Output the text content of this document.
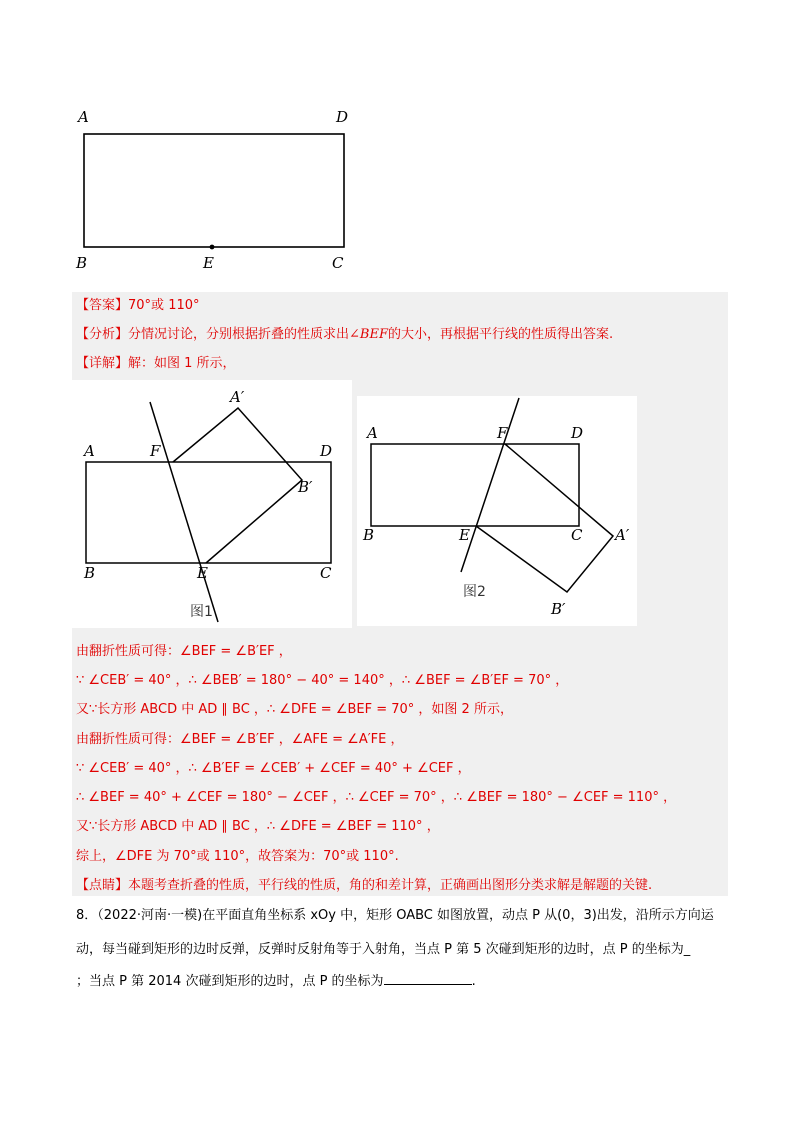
A	D
B	E	C
【答案】70°或 110°
【分析】分情况讨论，分别根据折叠的性质求出∠BEF的大小，再根据平行线的性质得出答案.
【详解】解：如图 1 所示，
A	F	D
A′
B′
B	E	C
图1
A	F	D
A′
B′
B	E	C
图2
由翻折性质可得：∠BEF = ∠B′EF ，
∵ ∠CEB′ = 40° ，∴ ∠BEB′ = 180° − 40° = 140° ，∴ ∠BEF = ∠B′EF = 70° ，
又∵长方形 ABCD 中 AD ∥ BC ，∴ ∠DFE = ∠BEF = 70° ，如图 2 所示，
由翻折性质可得：∠BEF = ∠B′EF ，∠AFE = ∠A′FE ，
∵ ∠CEB′ = 40° ，∴ ∠B′EF = ∠CEB′ + ∠CEF = 40° + ∠CEF ，
∴ ∠BEF = 40° + ∠CEF = 180° − ∠CEF ，∴ ∠CEF = 70° ，∴ ∠BEF = 180° − ∠CEF = 110° ，
又∵长方形 ABCD 中 AD ∥ BC ，∴ ∠DFE = ∠BEF = 110° ，
综上，∠DFE 为 70°或 110°，故答案为：70°或 110°.
【点睛】本题考查折叠的性质，平行线的性质，角的和差计算，正确画出图形分类求解是解题的关键.
8．（2022·河南·一模)在平面直角坐标系 xOy 中，矩形 OABC 如图放置，动点 P 从(0，3)出发，沿所示方向运
动，每当碰到矩形的边时反弹，反弹时反射角等于入射角，当点 P 第 5 次碰到矩形的边时，点 P 的坐标为_
；当点 P 第 2014 次碰到矩形的边时，点 P 的坐标为	.
